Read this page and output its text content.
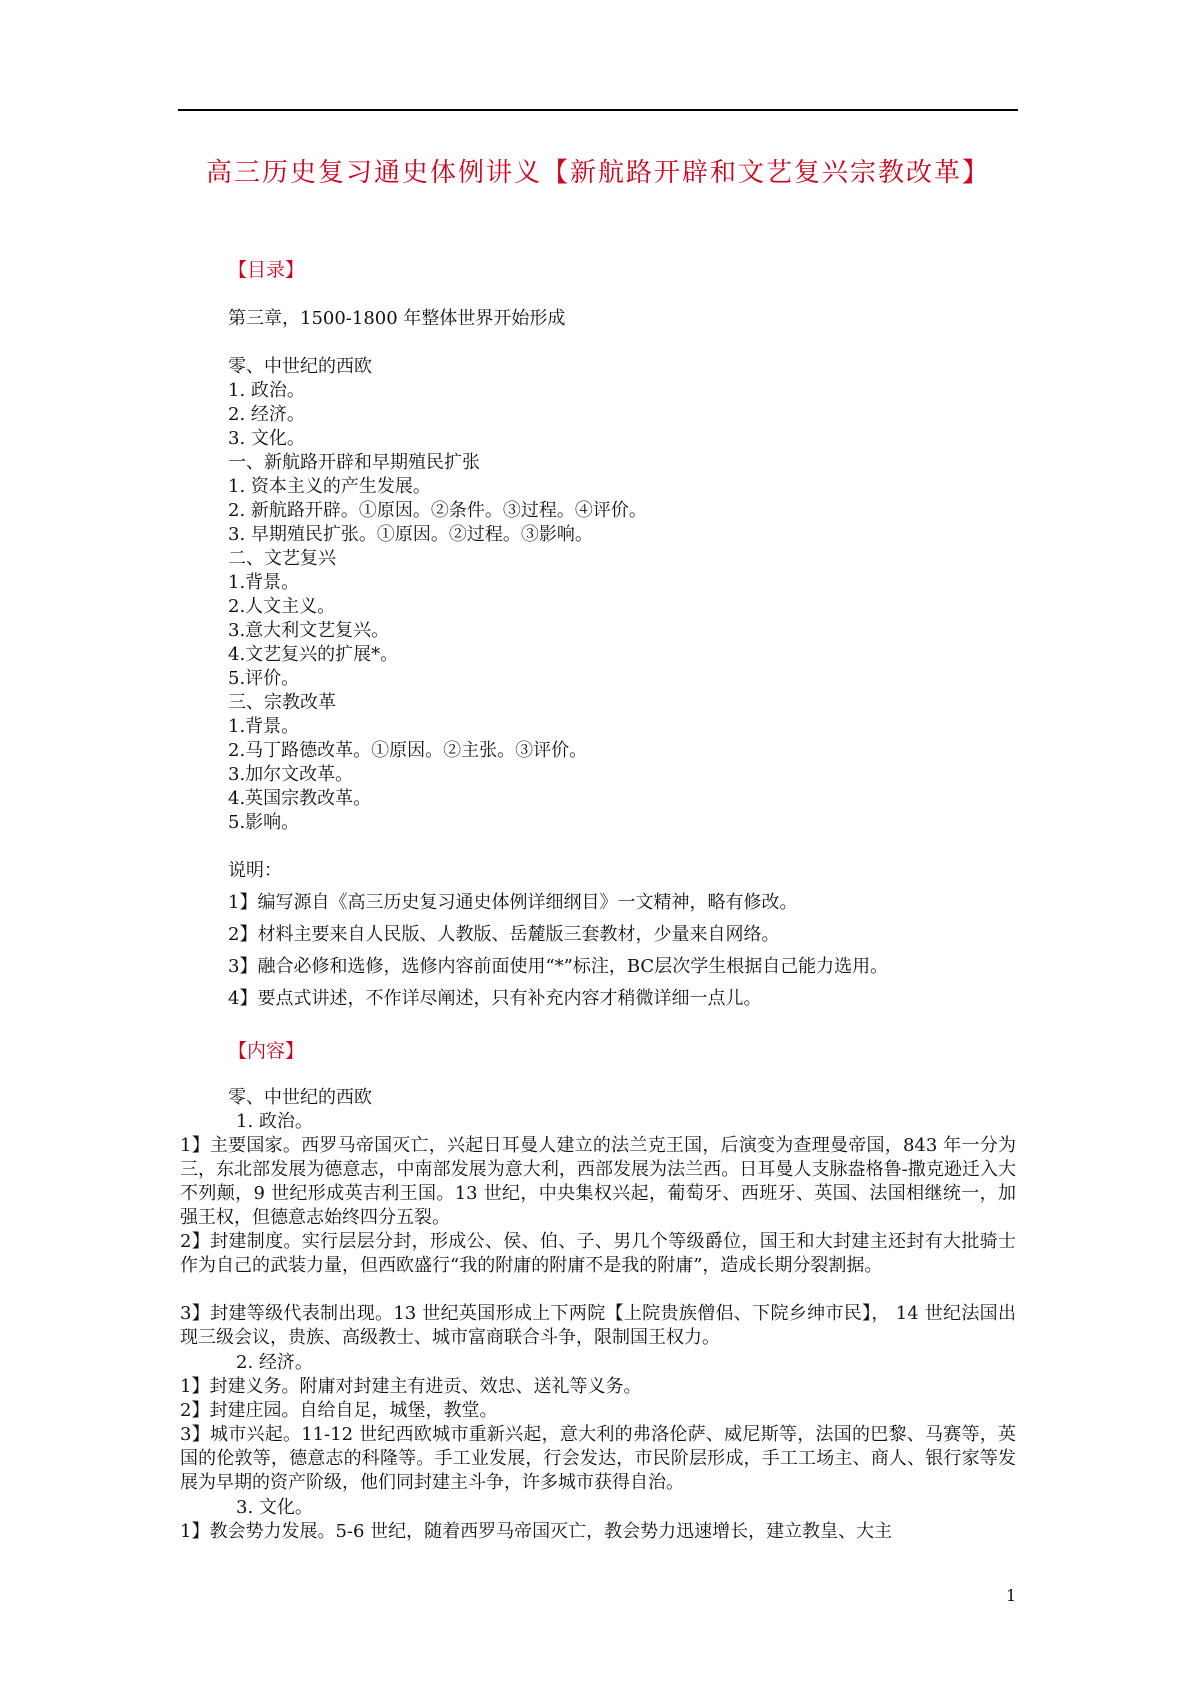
高三历史复习通史体例讲义【新航路开辟和文艺复兴宗教改革】
【目录】
第三章，1500-1800 年整体世界开始形成
零、中世纪的西欧
1. 政治。
2. 经济。
3. 文化。
一、新航路开辟和早期殖民扩张
1. 资本主义的产生发展。
2. 新航路开辟。①原因。②条件。③过程。④评价。
3. 早期殖民扩张。①原因。②过程。③影响。
二、文艺复兴
1.背景。
2.人文主义。
3.意大利文艺复兴。
4.文艺复兴的扩展*。
5.评价。
三、宗教改革
1.背景。
2.马丁路德改革。①原因。②主张。③评价。
3.加尔文改革。
4.英国宗教改革。
5.影响。
说明：
1】编写源自《高三历史复习通史体例详细纲目》一文精神，略有修改。
2】材料主要来自人民版、人教版、岳麓版三套教材，少量来自网络。
3】融合必修和选修，选修内容前面使用“*”标注，BC层次学生根据自己能力选用。
4】要点式讲述，不作详尽阐述，只有补充内容才稍微详细一点儿。
【内容】
零、中世纪的西欧
1. 政治。
1】主要国家。西罗马帝国灭亡，兴起日耳曼人建立的法兰克王国，后演变为查理曼帝国，843 年一分为三，东北部发展为德意志，中南部发展为意大利，西部发展为法兰西。日耳曼人支脉盎格鲁-撒克逊迁入大不列颠，9 世纪形成英吉利王国。13 世纪，中央集权兴起，葡萄牙、西班牙、英国、法国相继统一，加强王权，但德意志始终四分五裂。
2】封建制度。实行层层分封，形成公、侯、伯、子、男几个等级爵位，国王和大封建主还封有大批骑士作为自己的武装力量，但西欧盛行“我的附庸的附庸不是我的附庸”，造成长期分裂割据。
3】封建等级代表制出现。13 世纪英国形成上下两院【上院贵族僧侣、下院乡绅市民】， 14 世纪法国出现三级会议，贵族、高级教士、城市富商联合斗争，限制国王权力。
2. 经济。
1】封建义务。附庸对封建主有进贡、效忠、送礼等义务。
2】封建庄园。自给自足，城堡，教堂。
3】城市兴起。11-12 世纪西欧城市重新兴起，意大利的弗洛伦萨、威尼斯等，法国的巴黎、马赛等，英国的伦敦等，德意志的科隆等。手工业发展，行会发达，市民阶层形成，手工工场主、商人、银行家等发展为早期的资产阶级，他们同封建主斗争，许多城市获得自治。
3. 文化。
1】教会势力发展。5-6 世纪，随着西罗马帝国灭亡，教会势力迅速增长，建立教皇、大主
1
